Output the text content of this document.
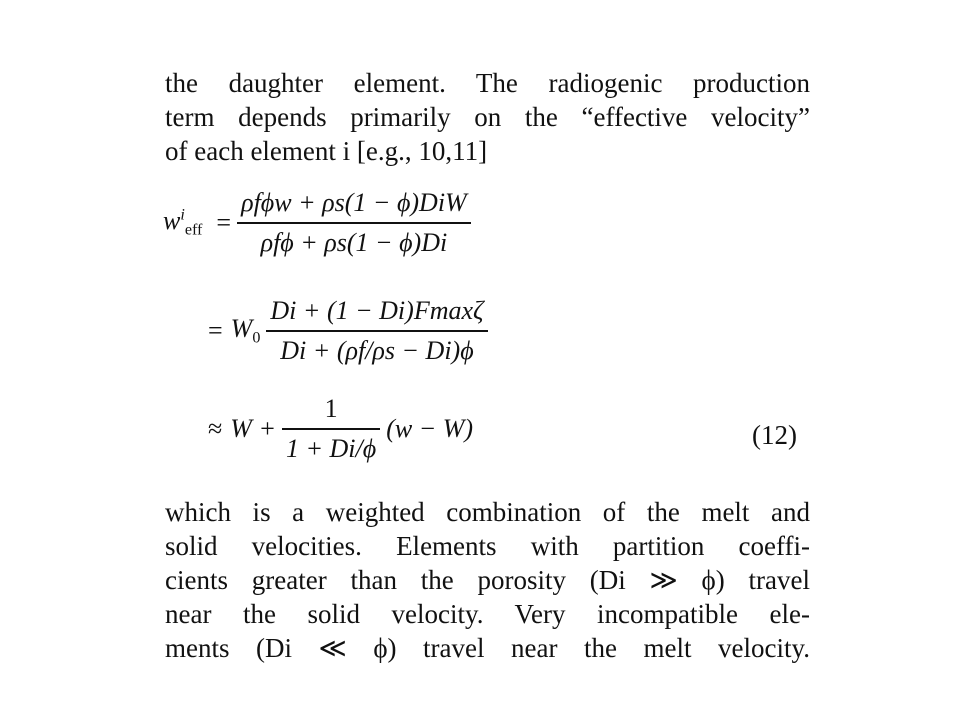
the daughter element. The radiogenic production
term depends primarily on the “effective velocity”
of each element i [e.g., 10,11]

$w^i_{eff} = \frac{\text{ρfϕw + ρs(1 − ϕ)DiW}}{\text{ρfϕ + ρs(1 − ϕ)Di}}$
= $W_0 \frac{Di + (1 - Di)Fmax\zeta}{Di + (\rho f/\rho s - Di)\phi}$
≈ $W + \frac{1}{1 + Di/\phi} (w - W)$	(12)

which is a weighted combination of the melt and
solid velocities. Elements with partition coeffi-
cients greater than the porosity (Di ≫ ϕ) travel
near the solid velocity. Very incompatible ele-
ments (Di ≪ ϕ) travel near the melt velocity.
